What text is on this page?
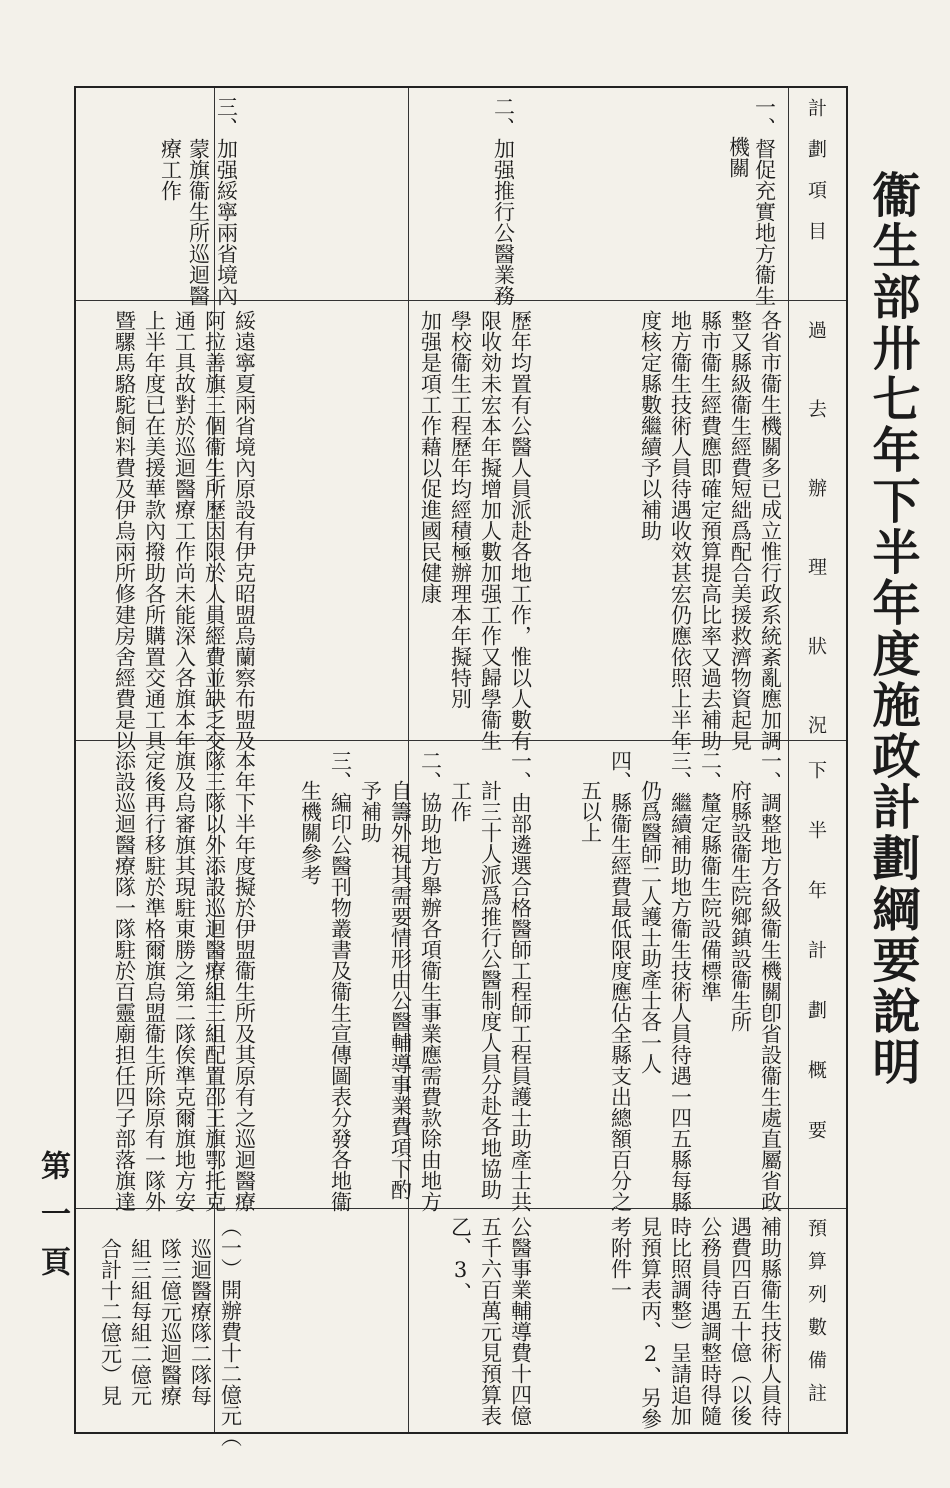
衞生部卅七年下半年度施政計劃綱要說明
第一頁
計劃項目
過去辦理狀況
下半年計劃概要
預算列數備註
一、督促充實地方衞生
機關
二、加强推行公醫業務
三、加强綏寧兩省境內
蒙旗衞生所巡迴醫
療工作
各省市衞生機關多已成立惟行政系統紊亂應加調
整又縣級衞生經費短絀爲配合美援救濟物資起見
縣市衞生經費應即確定預算提高比率又過去補助
地方衞生技術人員待遇收效甚宏仍應依照上半年
度核定縣數繼續予以補助
歷年均置有公醫人員派赴各地工作，惟以人數有
限收効未宏本年擬增加人數加强工作又歸學衞生
學校衞生工程歷年均經積極辦理本年擬特別
加强是項工作藉以促進國民健康
綏遠寧夏兩省境內原設有伊克昭盟烏蘭察布盟及
阿拉善旗三個衞生所歷因限於人員經費並缺乏交
通工具故對於巡迴醫療工作尚未能深入各旗本年
上半年度已在美援華款內撥助各所購置交通工具
暨騾馬駱駝飼料費及伊烏兩所修建房舍經費是以
一、調整地方各級衞生機關卽省設衞生處直屬省政
府縣設衞生院鄉鎮設衞生所
二、釐定縣衞生院設備標準
三、繼續補助地方衞生技術人員待遇一四五縣每縣
仍爲醫師二人護士助產士各一人
四、縣衞生經費最低限度應佔全縣支出總額百分之
五以上
一、由部遴選合格醫師工程師工程員護士助產士共
計三十人派爲推行公醫制度人員分赴各地協助
工作
二、協助地方舉辦各項衞生事業應需費款除由地方
自籌外視其需要情形由公醫輔導事業費項下酌
予補助
三、編印公醫刊物叢書及衞生宣傳圖表分發各地衞
生機關參考
本年下半年度擬於伊盟衞生所及其原有之巡迴醫療
隊三隊以外添設巡迴醫療組三組配置邵王旗鄂托克
旗及烏審旗其現駐東勝之第二隊俟準克爾旗地方安
定後再行移駐於準格爾旗烏盟衞生所除原有一隊外
添設巡迴醫療隊一隊駐於百靈廟担任四子部落旗達
補助縣衞生技術人員待
遇費四百五十億（以後
公務員待遇調整時得隨
時比照調整）呈請追加
見預算表丙、2、另參
考附件一
公醫事業輔導費十四億
五千六百萬元見預算表
乙、3、
（一）開辦費十二億元（
巡迴醫療隊二隊每
隊三億元巡迴醫療
組三組每組二億元
合計十二億元）見
